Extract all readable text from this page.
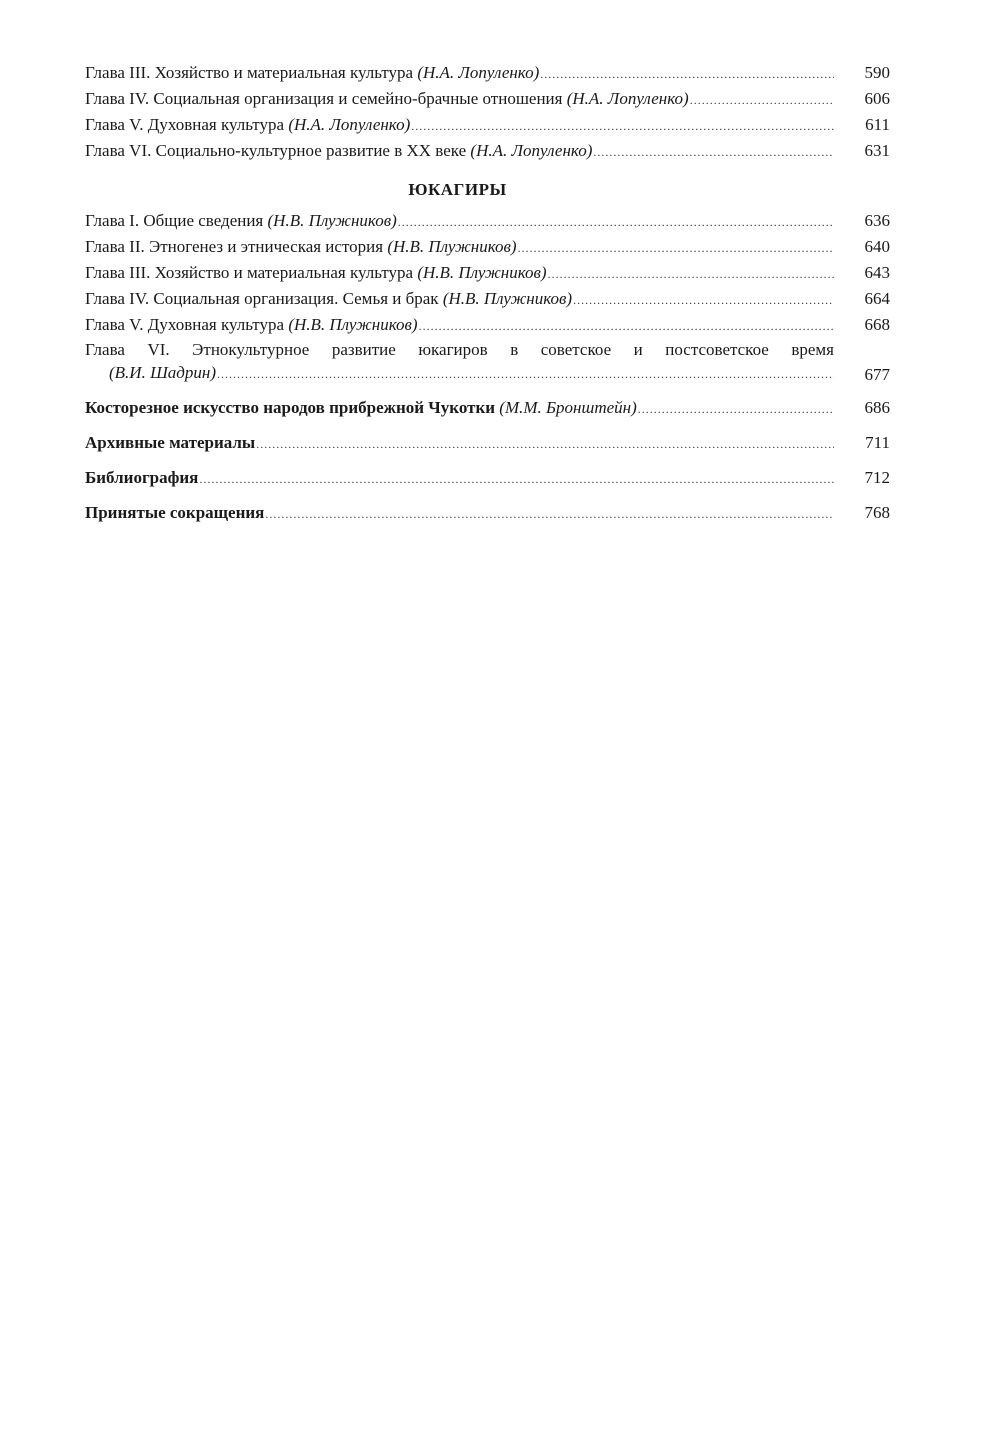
Глава III. Хозяйство и материальная культура (Н.А. Лопуленко) .....	590
Глава IV. Социальная организация и семейно-брачные отношения (Н.А. Лопуленко) .....	606
Глава V. Духовная культура (Н.А. Лопуленко) .....	611
Глава VI. Социально-культурное развитие в XX веке (Н.А. Лопуленко) .....	631
ЮКАГИРЫ
Глава I. Общие сведения (Н.В. Плужников) .....	636
Глава II. Этногенез и этническая история (Н.В. Плужников) .....	640
Глава III. Хозяйство и материальная культура (Н.В. Плужников) .....	643
Глава IV. Социальная организация. Семья и брак (Н.В. Плужников) .....	664
Глава V. Духовная культура (Н.В. Плужников) .....	668
Глава VI. Этнокультурное развитие юкагиров в советское и постсоветское время
(В.И. Шадрин) .....	677
Косторезное искусство народов прибрежной Чукотки (М.М. Бронштейн) .....	686
Архивные материалы .....	711
Библиография .....	712
Принятые сокращения .....	768
